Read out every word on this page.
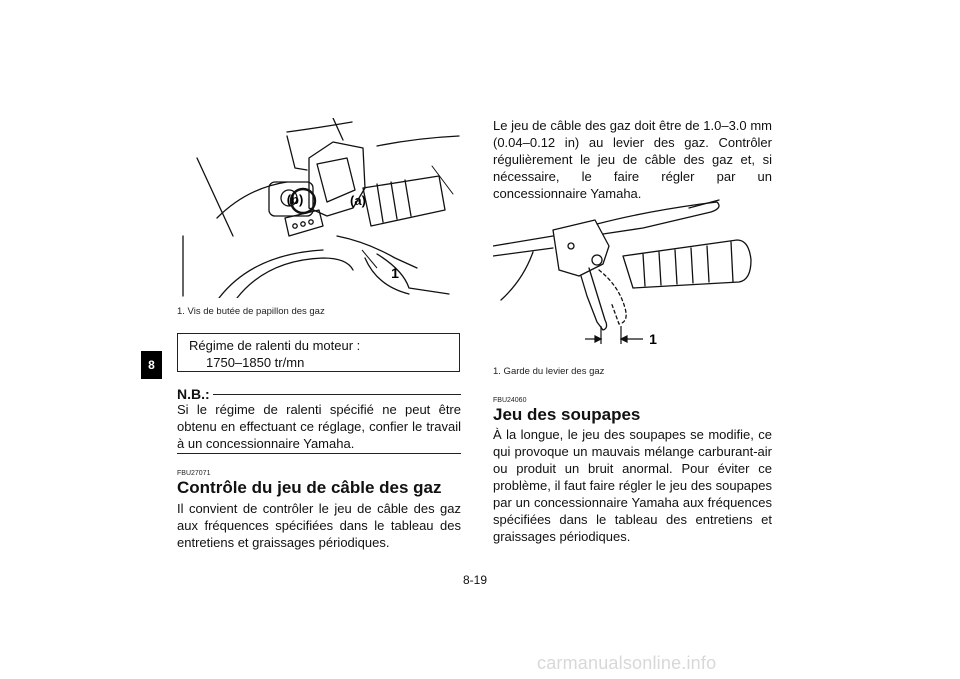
8
(b)	(a)
1
1. Vis de butée de papillon des gaz
Régime de ralenti du moteur :
1750–1850 tr/mn
N.B.:
Si le régime de ralenti spécifié ne peut être obtenu en effectuant ce réglage, confier le travail à un concessionnaire Yamaha.
FBU27071
Contrôle du jeu de câble des gaz
Il convient de contrôler le jeu de câble des gaz aux fréquences spécifiées dans le tableau des entretiens et graissages périodiques.
Le jeu de câble des gaz doit être de 1.0–3.0 mm (0.04–0.12 in) au levier des gaz. Contrôler régulièrement le jeu de câble des gaz et, si nécessaire, le faire régler par un concessionnaire Yamaha.
1
1. Garde du levier des gaz
FBU24060
Jeu des soupapes
À la longue, le jeu des soupapes se modifie, ce qui provoque un mauvais mélange carburant-air ou produit un bruit anormal. Pour éviter ce problème, il faut faire régler le jeu des soupapes par un concessionnaire Yamaha aux fréquences spécifiées dans le tableau des entretiens et graissages périodiques.
8-19
carmanualsonline.info
